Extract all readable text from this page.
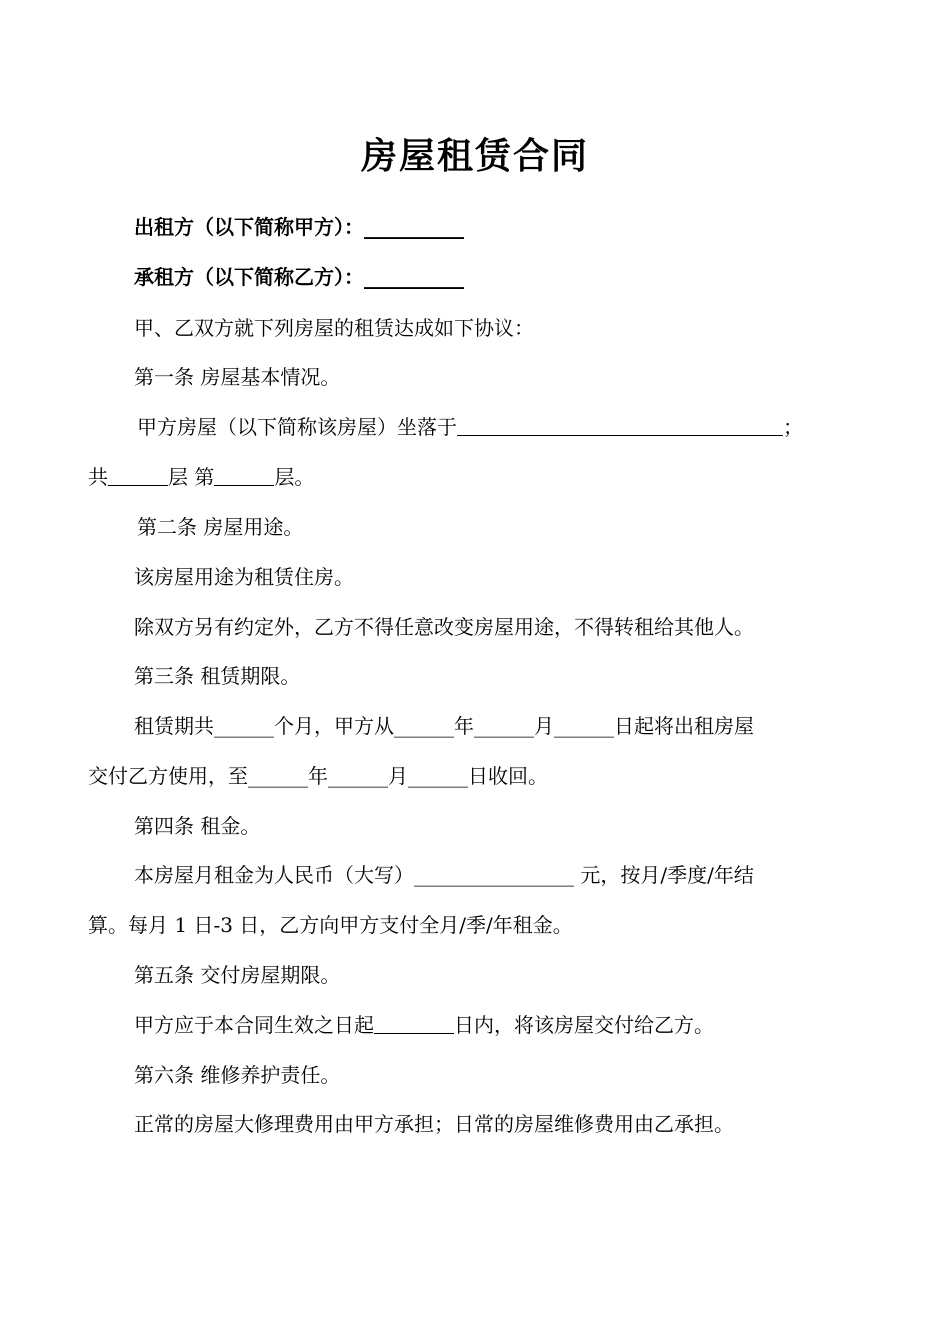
房屋租赁合同
出租方（以下简称甲方）：__________
承租方（以下简称乙方）：__________
甲、乙双方就下列房屋的租赁达成如下协议：
第一条 房屋基本情况。
甲方房屋（以下简称该房屋）坐落于	；
共	层 第	层。
第二条 房屋用途。
该房屋用途为租赁住房。
除双方另有约定外，乙方不得任意改变房屋用途，不得转租给其他人。
第三条 租赁期限。
租赁期共______个月，甲方从______年______月______日起将出租房屋
交付乙方使用，至______年______月______日收回。
第四条 租金。
本房屋月租金为人民币（大写）________________ 元，按月/季度/年结
算。每月 1 日-3 日，乙方向甲方支付全月/季/年租金。
第五条 交付房屋期限。
甲方应于本合同生效之日起	日内，将该房屋交付给乙方。
第六条 维修养护责任。
正常的房屋大修理费用由甲方承担；日常的房屋维修费用由乙承担。
